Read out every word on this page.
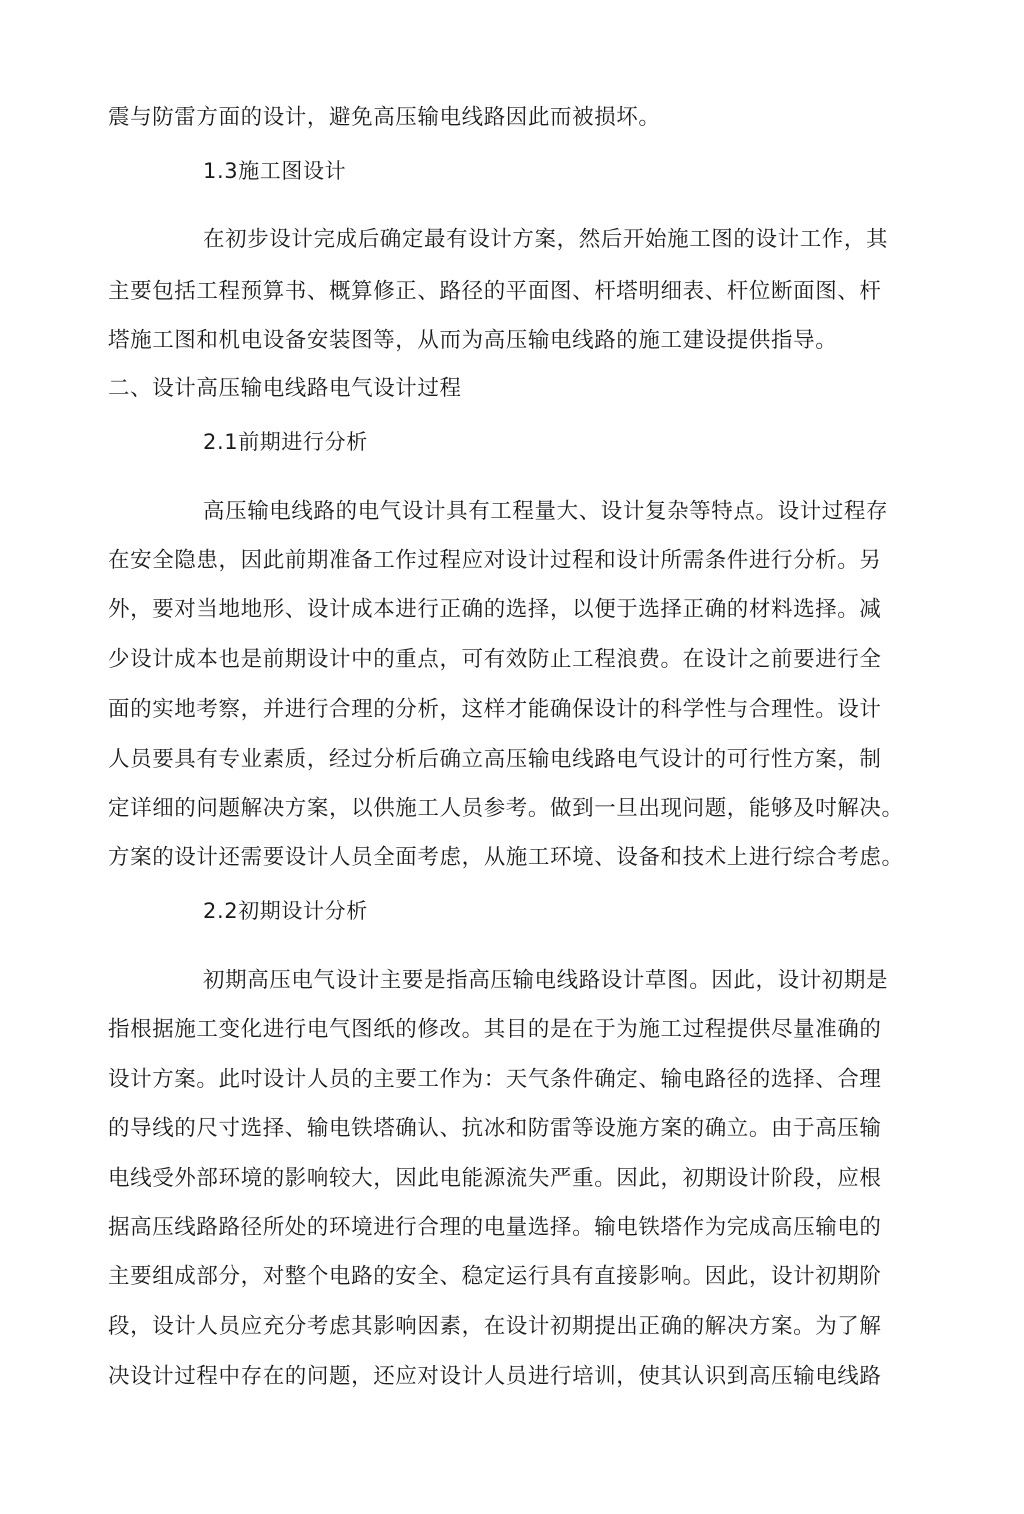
震与防雷方面的设计，避免高压输电线路因此而被损坏。
1.3施工图设计
在初步设计完成后确定最有设计方案，然后开始施工图的设计工作，其
主要包括工程预算书、概算修正、路径的平面图、杆塔明细表、杆位断面图、杆
塔施工图和机电设备安装图等，从而为高压输电线路的施工建设提供指导。
二、设计高压输电线路电气设计过程
2.1前期进行分析
高压输电线路的电气设计具有工程量大、设计复杂等特点。设计过程存
在安全隐患，因此前期准备工作过程应对设计过程和设计所需条件进行分析。另
外，要对当地地形、设计成本进行正确的选择，以便于选择正确的材料选择。减
少设计成本也是前期设计中的重点，可有效防止工程浪费。在设计之前要进行全
面的实地考察，并进行合理的分析，这样才能确保设计的科学性与合理性。设计
人员要具有专业素质，经过分析后确立高压输电线路电气设计的可行性方案，制
定详细的问题解决方案，以供施工人员参考。做到一旦出现问题，能够及吋解决。
方案的设计还需要设计人员全面考虑，从施工环境、设备和技术上进行综合考虑。
2.2初期设计分析
初期高压电气设计主要是指高压输电线路设计草图。因此，设计初期是
指根据施工变化进行电气图纸的修改。其目的是在于为施工过程提供尽量准确的
设计方案。此吋设计人员的主要工作为：天气条件确定、输电路径的选择、合理
的导线的尺寸选择、输电铁塔确认、抗冰和防雷等设施方案的确立。由于高压输
电线受外部环境的影响较大，因此电能源流失严重。因此，初期设计阶段，应根
据高压线路路径所处的环境进行合理的电量选择。输电铁塔作为完成高压输电的
主要组成部分，对整个电路的安全、稳定运行具有直接影响。因此，设计初期阶
段，设计人员应充分考虑其影响因素，在设计初期提出正确的解决方案。为了解
决设计过程中存在的问题，还应对设计人员进行培训，使其认识到高压输电线路
